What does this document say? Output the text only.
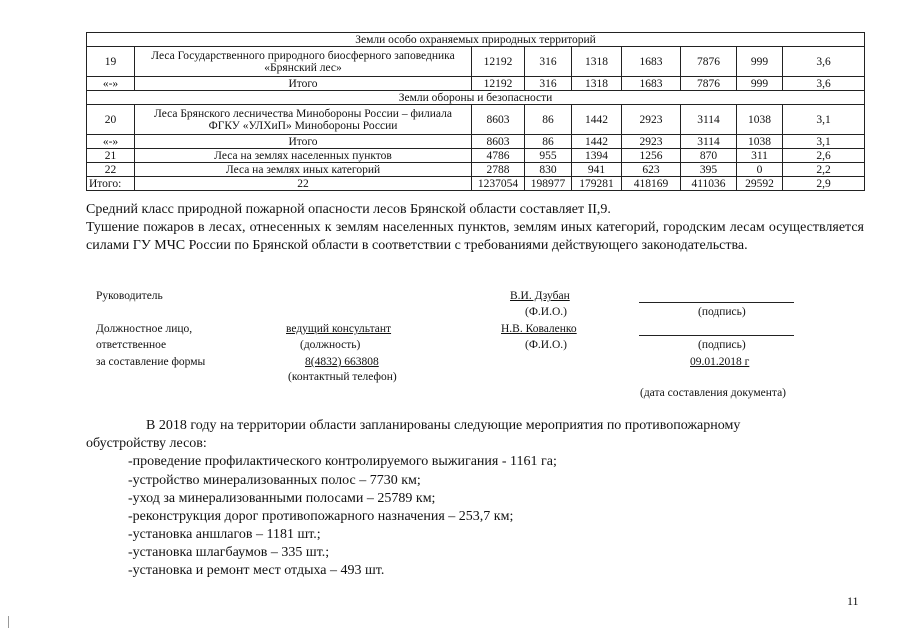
Земли особо охраняемых природных территорий								
19	Леса Государственного природного биосферного заповедника «Брянский лес»	12192	316	1318	1683	7876	999	3,6
«-»	Итого	12192	316	1318	1683	7876	999	3,6
Земли обороны и безопасности								
20	Леса Брянского лесничества Минобороны России – филиала ФГКУ «УЛХиП» Минобороны России	8603	86	1442	2923	3114	1038	3,1
«-»	Итого	8603	86	1442	2923	3114	1038	3,1
21	Леса на землях населенных пунктов	4786	955	1394	1256	870	311	2,6
22	Леса на землях иных категорий	2788	830	941	623	395	0	2,2
Итого:	22	1237054	198977	179281	418169	411036	29592	2,9
Средний класс природной пожарной опасности лесов Брянской области составляет II,9.
Тушение пожаров в лесах, отнесенных к землям населенных пунктов, землям иных категорий, городским лесам осуществляется силами ГУ МЧС России по Брянской области в соответствии с требованиями действующего законодательства.
Руководитель	В.И. Дзубан
(Ф.И.О.)	(подпись)
Должностное лицо,	ведущий консультант	Н.В. Коваленко
ответственное	(должность)	(Ф.И.О.)	(подпись)
за составление формы	8(4832) 663808	09.01.2018 г
(контактный телефон)
(дата составления документа)
В 2018 году на территории области запланированы следующие мероприятия по противопожарному
обустройству лесов:
-проведение профилактического контролируемого выжигания - 1161 га;
-устройство минерализованных полос – 7730 км;
-уход за минерализованными полосами – 25789 км;
-реконструкция дорог противопожарного назначения – 253,7 км;
-установка аншлагов – 1181 шт.;
-установка шлагбаумов – 335 шт.;
-установка и ремонт мест отдыха – 493 шт.
11
